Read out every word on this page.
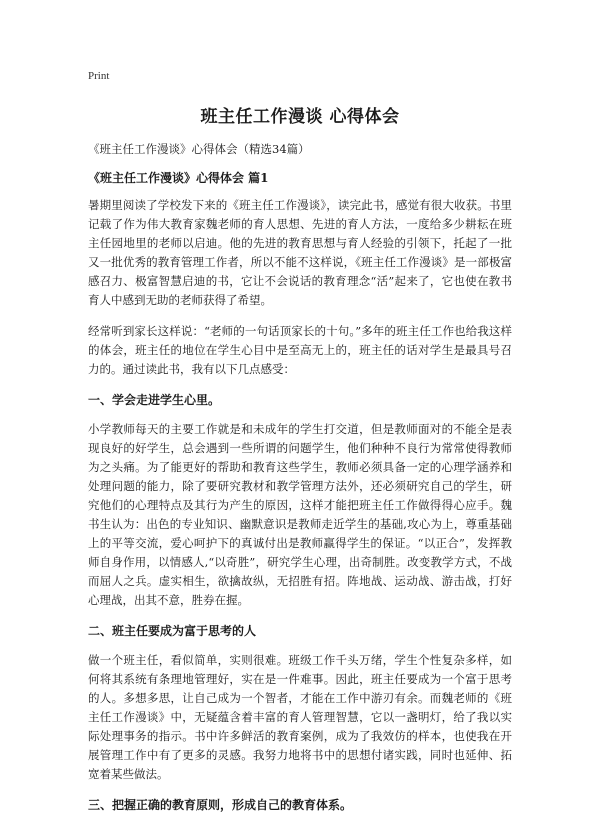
Print
班主任工作漫谈 心得体会
《班主任工作漫谈》心得体会（精选34篇）
《班主任工作漫谈》心得体会 篇1

暑期里阅读了学校发下来的《班主任工作漫谈》，读完此书，感觉有很大收获。书里记载了作为伟大教育家魏老师的育人思想、先进的育人方法，一度给多少耕耘在班主任园地里的老师以启迪。他的先进的教育思想与育人经验的引领下，托起了一批又一批优秀的教育管理工作者，所以不能不这样说，《班主任工作漫谈》是一部极富感召力、极富智慧启迪的书，它让不会说话的教育理念“活”起来了，它也使在教书育人中感到无助的老师获得了希望。

经常听到家长这样说：“老师的一句话顶家长的十句。”多年的班主任工作也给我这样的体会，班主任的地位在学生心目中是至高无上的，班主任的话对学生是最具号召力的。通过读此书，我有以下几点感受：

一、学会走进学生心里。

小学教师每天的主要工作就是和未成年的学生打交道，但是教师面对的不能全是表现良好的好学生，总会遇到一些所谓的问题学生，他们种种不良行为常常使得教师为之头痛。为了能更好的帮助和教育这些学生，教师必须具备一定的心理学涵养和处理问题的能力，除了要研究教材和教学管理方法外，还必须研究自己的学生，研究他们的心理特点及其行为产生的原因，这样才能把班主任工作做得得心应手。魏书生认为：出色的专业知识、幽默意识是教师走近学生的基础,攻心为上，尊重基础上的平等交流，爱心呵护下的真诚付出是教师赢得学生的保证。“以正合”，发挥教师自身作用，以情感人,“以奇胜”，研究学生心理，出奇制胜。改变教学方式，不战而屈人之兵。虚实相生，欲擒故纵，无招胜有招。阵地战、运动战、游击战，打好心理战，出其不意，胜券在握。

二、班主任要成为富于思考的人

做一个班主任，看似简单，实则很难。班级工作千头万绪，学生个性复杂多样，如何将其系统有条理地管理好，实在是一件难事。因此，班主任要成为一个富于思考的人。多想多思，让自己成为一个智者，才能在工作中游刃有余。而魏老师的《班主任工作漫谈》中，无疑蕴含着丰富的育人管理智慧，它以一盏明灯，给了我以实际处理事务的指示。书中许多鲜活的教育案例，成为了我效仿的样本，也使我在开展管理工作中有了更多的灵感。我努力地将书中的思想付诸实践，同时也延伸、拓宽着某些做法。

三、把握正确的教育原则，形成自己的教育体系。
